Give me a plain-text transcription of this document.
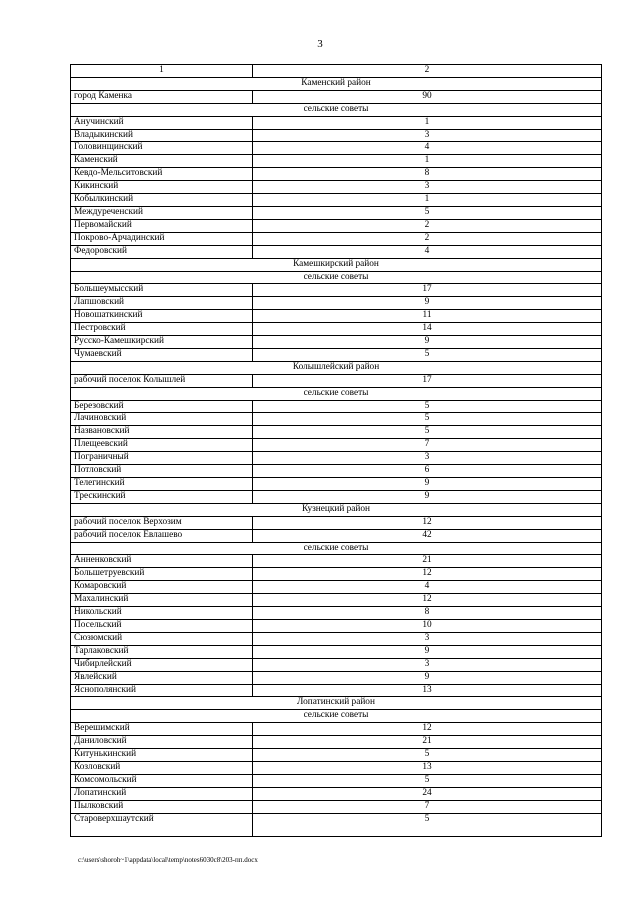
3
1	2
Каменский район	
город Каменка	90
сельские советы	
Анучинский	1
Владыкинский	3
Головинщинский	4
Каменский	1
Кевдо-Мельситовский	8
Кикинский	3
Кобылкинский	1
Междуреченский	5
Первомайский	2
Покрово-Арчадинский	2
Федоровский	4
Камешкирский район	
сельские советы	
Большеумысский	17
Лапшовский	9
Новошаткинский	11
Пестровский	14
Русско-Камешкирский	9
Чумаевский	5
Колышлейский район	
рабочий поселок Колышлей	17
сельские советы	
Березовский	5
Лачиновский	5
Названовский	5
Плещеевский	7
Пограничный	3
Потловский	6
Телегинский	9
Трескинский	9
Кузнецкий район	
рабочий поселок Верхозим	12
рабочий поселок Евлашево	42
сельские советы	
Анненковский	21
Большетруевский	12
Комаровский	4
Махалинский	12
Никольский	8
Посельский	10
Сюзюмский	3
Тарлаковский	9
Чибирлейский	3
Явлейский	9
Яснополянский	13
Лопатинский район	
сельские советы	
Верешимский	12
Даниловский	21
Китунькинский	5
Козловский	13
Комсомольский	5
Лопатинский	24
Пылковский	7
Староверхшаутский	5
c:\users\shoroh~1\appdata\local\temp\notes6030c8\203-пп.docx
